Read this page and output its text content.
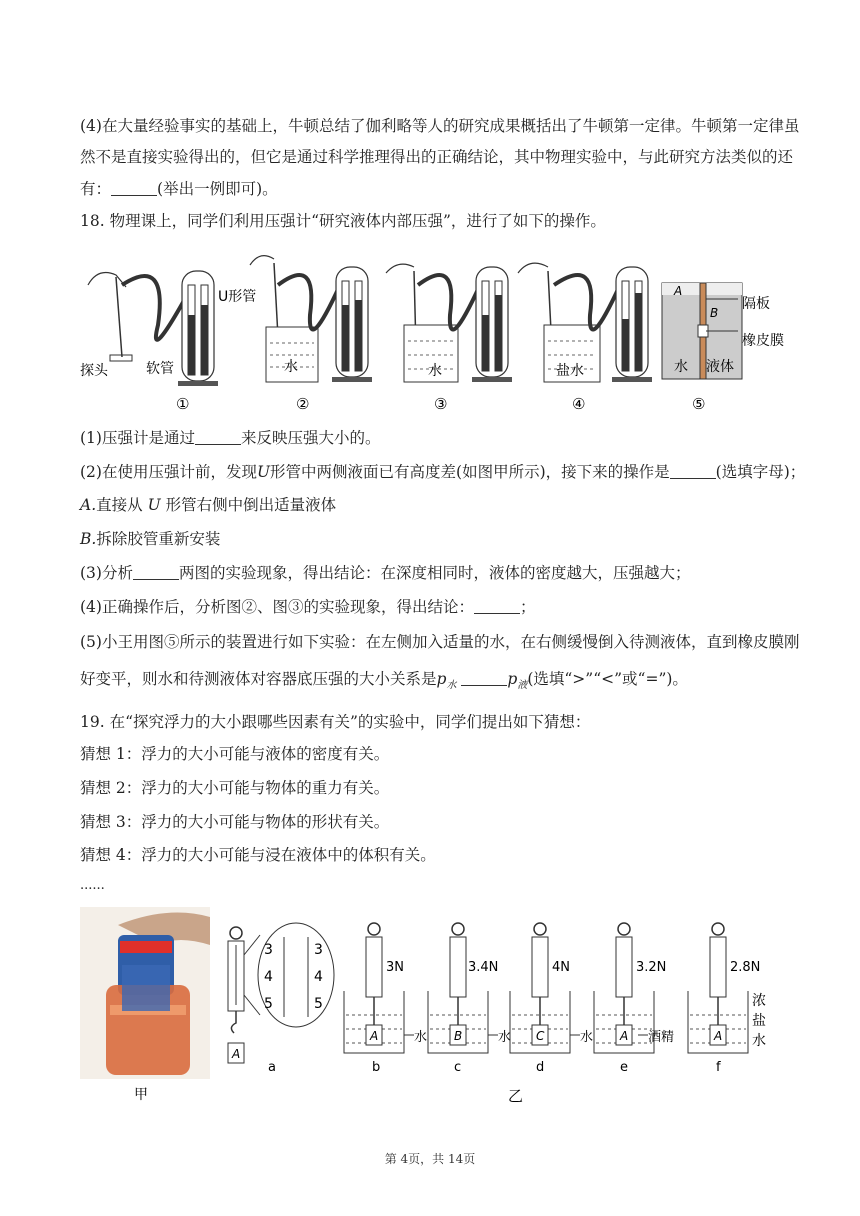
(4)在大量经验事实的基础上，牛顿总结了伽利略等人的研究成果概括出了牛顿第一定律。牛顿第一定律虽
然不是直接实验得出的，但它是通过科学推理得出的正确结论，其中物理实验中，与此研究方法类似的还
有：	(举出一例即可)。
18. 物理课上，同学们利用压强计“研究液体内部压强”，进行了如下的操作。
U形管
探头	软管
①
水
②
水
③
盐水
④
A
B
隔板
橡皮膜
水 液体
⑤
(1)压强计是通过	来反映压强大小的。
(2)在使用压强计前，发现U形管中两侧液面已有高度差(如图甲所示)，接下来的操作是	(选填字母)；
A.直接从 U 形管右侧中倒出适量液体
B.拆除胶管重新安装
(3)分析	两图的实验现象，得出结论：在深度相同时，液体的密度越大，压强越大；
(4)正确操作后，分析图②、图③的实验现象，得出结论：	；
(5)小王用图⑤所示的装置进行如下实验：在左侧加入适量的水，在右侧缓慢倒入待测液体，直到橡皮膜刚
好变平，则水和待测液体对容器底压强的大小关系是$p_水$	$p_液$(选填“>”“<”或“=”)。
19. 在“探究浮力的大小跟哪些因素有关”的实验中，同学们提出如下猜想：
猜想 1：浮力的大小可能与液体的密度有关。
猜想 2：浮力的大小可能与物体的重力有关。
猜想 3：浮力的大小可能与物体的形状有关。
猜想 4：浮力的大小可能与浸在液体中的体积有关。
......
甲
A
3
4
5
3
4
5
a
3N
A	水
b
3.4N
B	水
c
4N
C	水
d
3.2N
A 酒精
e
2.8N
A
浓
盐
水
f
乙
第 4页，共 14页
